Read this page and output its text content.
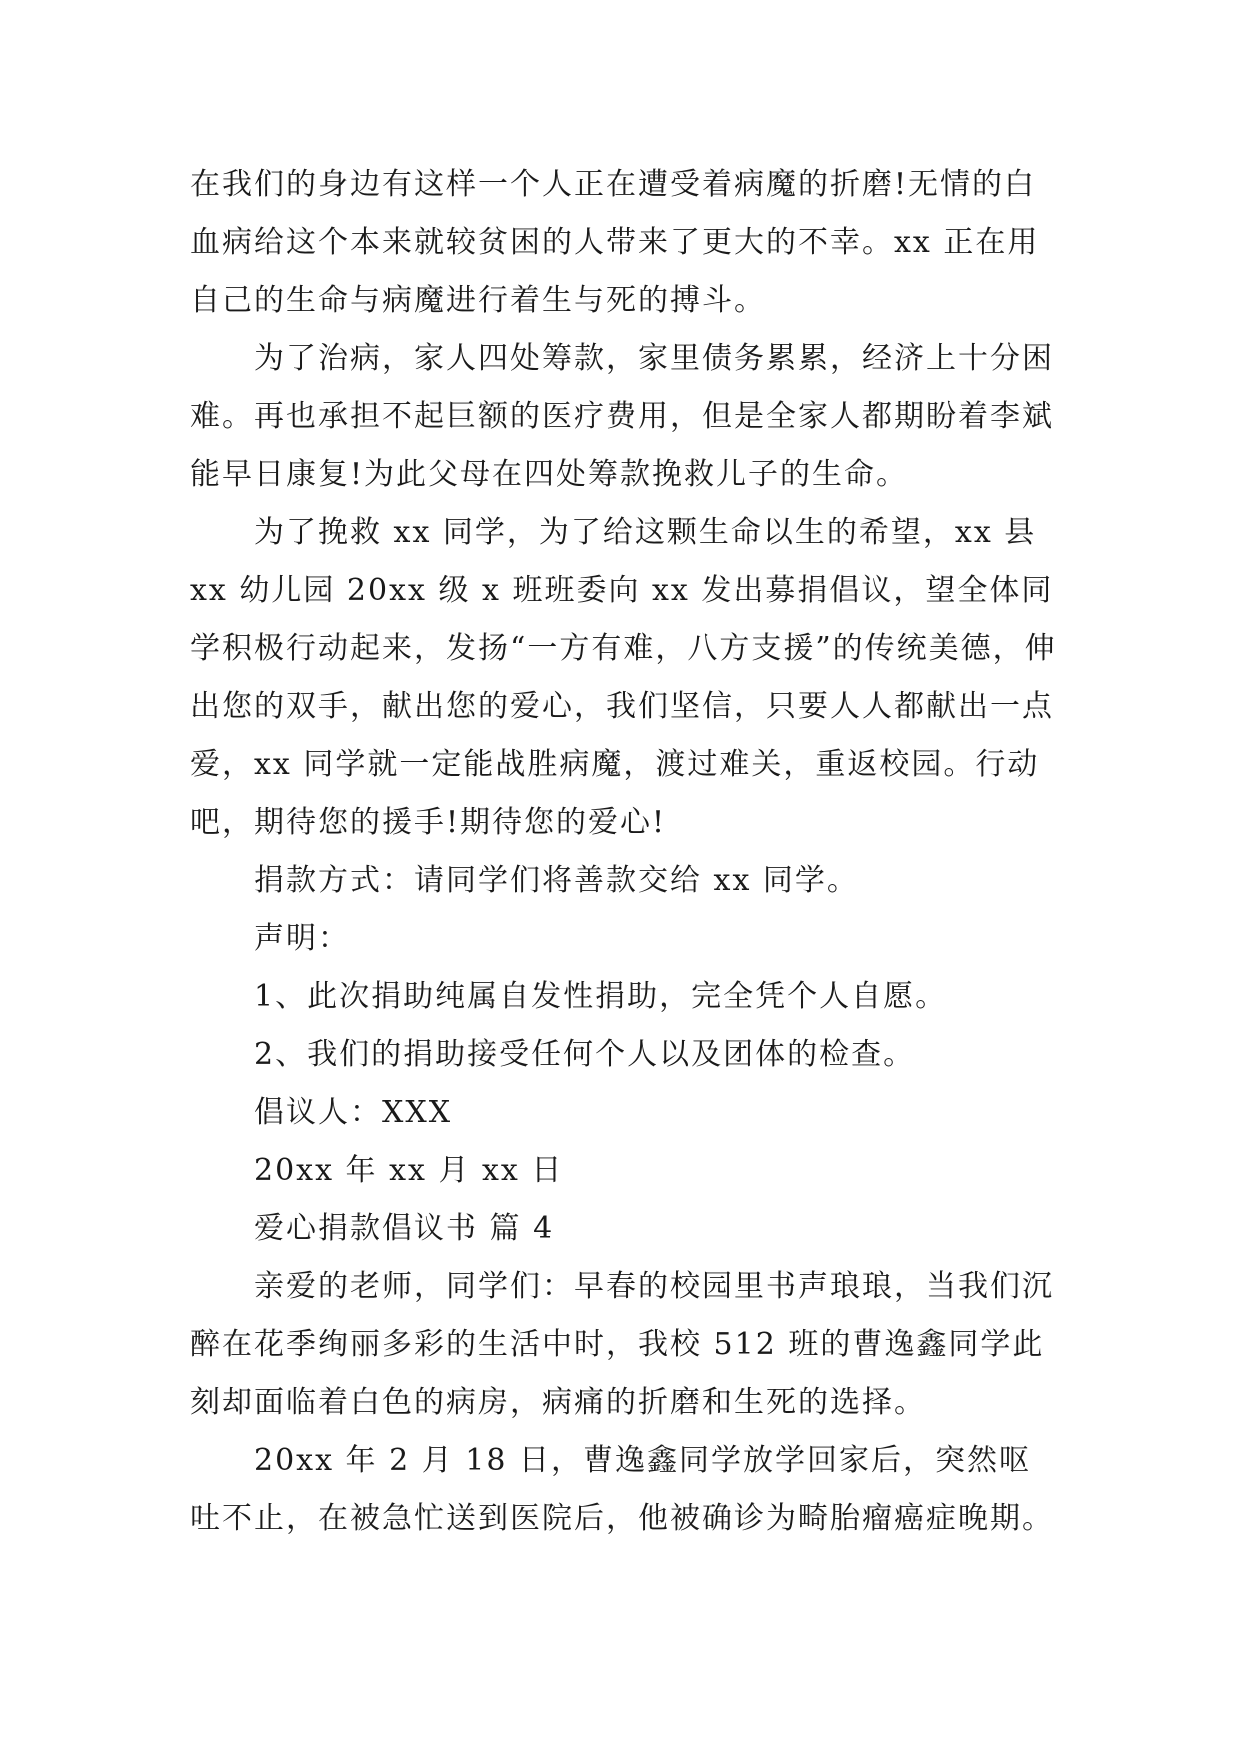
在我们的身边有这样一个人正在遭受着病魔的折磨!无情的白血病给这个本来就较贫困的人带来了更大的不幸。xx 正在用自己的生命与病魔进行着生与死的搏斗。

为了治病，家人四处筹款，家里债务累累，经济上十分困难。再也承担不起巨额的医疗费用，但是全家人都期盼着李斌能早日康复!为此父母在四处筹款挽救儿子的生命。

为了挽救 xx 同学，为了给这颗生命以生的希望，xx 县 xx 幼儿园 20xx 级 x 班班委向 xx 发出募捐倡议，望全体同学积极行动起来，发扬“一方有难，八方支援”的传统美德，伸出您的双手，献出您的爱心，我们坚信，只要人人都献出一点爱，xx 同学就一定能战胜病魔，渡过难关，重返校园。行动吧，期待您的援手!期待您的爱心!

捐款方式：请同学们将善款交给 xx 同学。

声明：

1、此次捐助纯属自发性捐助，完全凭个人自愿。

2、我们的捐助接受任何个人以及团体的检查。

倡议人：XXX

20xx 年 xx 月 xx 日

爱心捐款倡议书 篇 4

亲爱的老师，同学们：早春的校园里书声琅琅，当我们沉醉在花季绚丽多彩的生活中时，我校 512 班的曹逸鑫同学此刻却面临着白色的病房，病痛的折磨和生死的选择。

20xx 年 2 月 18 日，曹逸鑫同学放学回家后，突然呕吐不止，在被急忙送到医院后，他被确诊为畸胎瘤癌症晚期。
